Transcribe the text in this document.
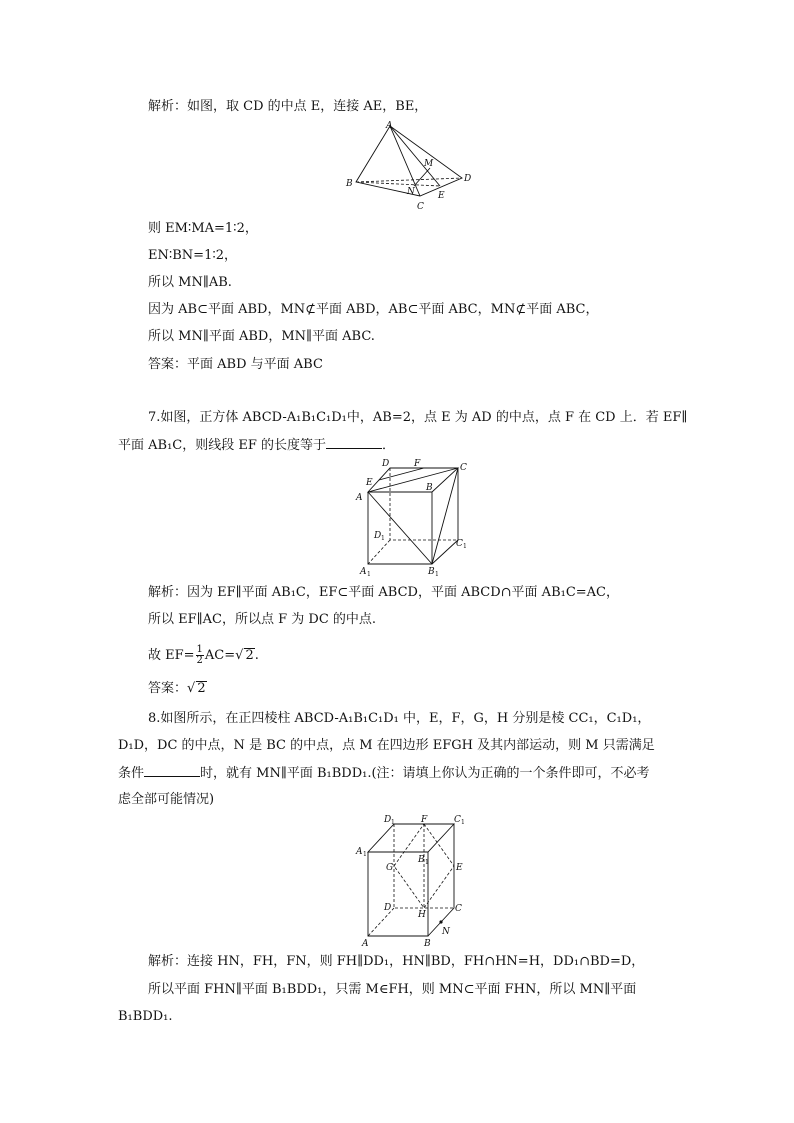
解析：如图，取 CD 的中点 E，连接 AE，BE，
A
B
C
D
E
M
N
则 EM∶MA=1∶2，
EN∶BN=1∶2，
所以 MN∥AB.
因为 AB⊂平面 ABD，MN⊄平面 ABD，AB⊂平面 ABC，MN⊄平面 ABC，
所以 MN∥平面 ABD，MN∥平面 ABC.
答案：平面 ABD 与平面 ABC
7.如图，正方体 ABCD-A₁B₁C₁D₁中，AB=2，点 E 为 AD 的中点，点 F 在 CD 上．若 EF∥
平面 AB₁C，则线段 EF 的长度等于	．
D	F	C
E
A
B
D 1
C 1
A 1	B 1
解析：因为 EF∥平面 AB₁C，EF⊂平面 ABCD，平面 ABCD∩平面 AB₁C=AC，
所以 EF∥AC，所以点 F 为 DC 的中点.
故 $EF= \frac{1}{2} AC=√$ 2.
答案：√ 2
8.如图所示，在正四棱柱 ABCD-A₁B₁C₁D₁ 中，E，F，G，H 分别是棱 CC₁，C₁D₁，
D₁D，DC 的中点，N 是 BC 的中点，点 M 在四边形 EFGH 及其内部运动，则 M 只需满足
条件	时，就有 MN∥平面 B₁BDD₁.(注：请填上你认为正确的一个条件即可，不必考
虑全部可能情况)
D 1	F	C 1
A 1
B 1
G	E
D
H
C
N
A	B
解析：连接 HN，FH，FN，则 FH∥DD₁，HN∥BD，FH∩HN=H，DD₁∩BD=D，
所以平面 FHN∥平面 B₁BDD₁，只需 M∈FH，则 MN⊂平面 FHN，所以 MN∥平面
B₁BDD₁.
